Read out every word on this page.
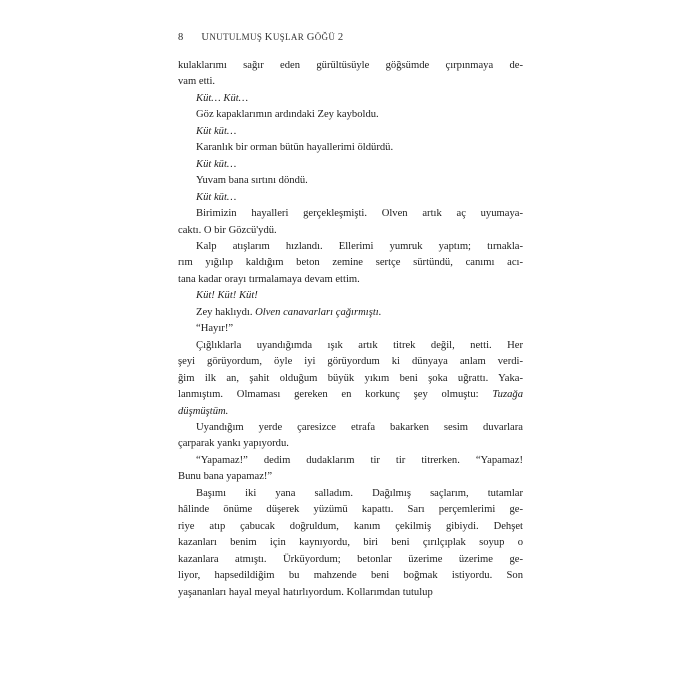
8 UNUTULMUŞ KUŞLAR GÖĞÜ 2
kulaklarımı sağır eden gürültüsüyle göğsümde çırpınmaya de-
vam etti.

Küt… Küt…

Göz kapaklarımın ardındaki Zey kayboldu.

Küt küt…

Karanlık bir orman bütün hayallerimi öldürdü.

Küt küt…

Yuvam bana sırtını döndü.

Küt küt…

Birimizin hayalleri gerçekleşmişti. Olven artık aç uyumaya-
caktı. O bir Gözcü'ydü.
Kalp atışlarım hızlandı. Ellerimi yumruk yaptım; tırnakla-
rım yığılıp kaldığım beton zemine sertçe sürtündü, canımı acı-
tana kadar orayı tırmalamaya devam ettim.

Küt! Küt! Küt!

Zey haklıydı. Olven canavarları çağırmıştı.

“Hayır!”

Çığlıklarla uyandığımda ışık artık titrek değil, netti. Her
şeyi görüyordum, öyle iyi görüyordum ki dünyaya anlam verdi-
ğim ilk an, şahit olduğum büyük yıkım beni şoka uğrattı. Yaka-
lanmıştım. Olmaması gereken en korkunç şey olmuştu: Tuzağa
düşmüştüm.
Uyandığım yerde çaresizce etrafa bakarken sesim duvarlara
çarparak yankı yapıyordu.
“Yapamaz!” dedim dudaklarım tir tir titrerken. “Yapamaz!
Bunu bana yapamaz!”
Başımı iki yana salladım. Dağılmış saçlarım, tutamlar
hâlinde önüme düşerek yüzümü kapattı. Sarı perçemlerimi ge-
riye atıp çabucak doğruldum, kanım çekilmiş gibiydi. Dehşet
kazanları benim için kaynıyordu, biri beni çırılçıplak soyup o
kazanlara atmıştı. Ürküyordum; betonlar üzerime üzerime ge-
liyor, hapsedildiğim bu mahzende beni boğmak istiyordu. Son
yaşananları hayal meyal hatırlıyordum. Kollarımdan tutulup
